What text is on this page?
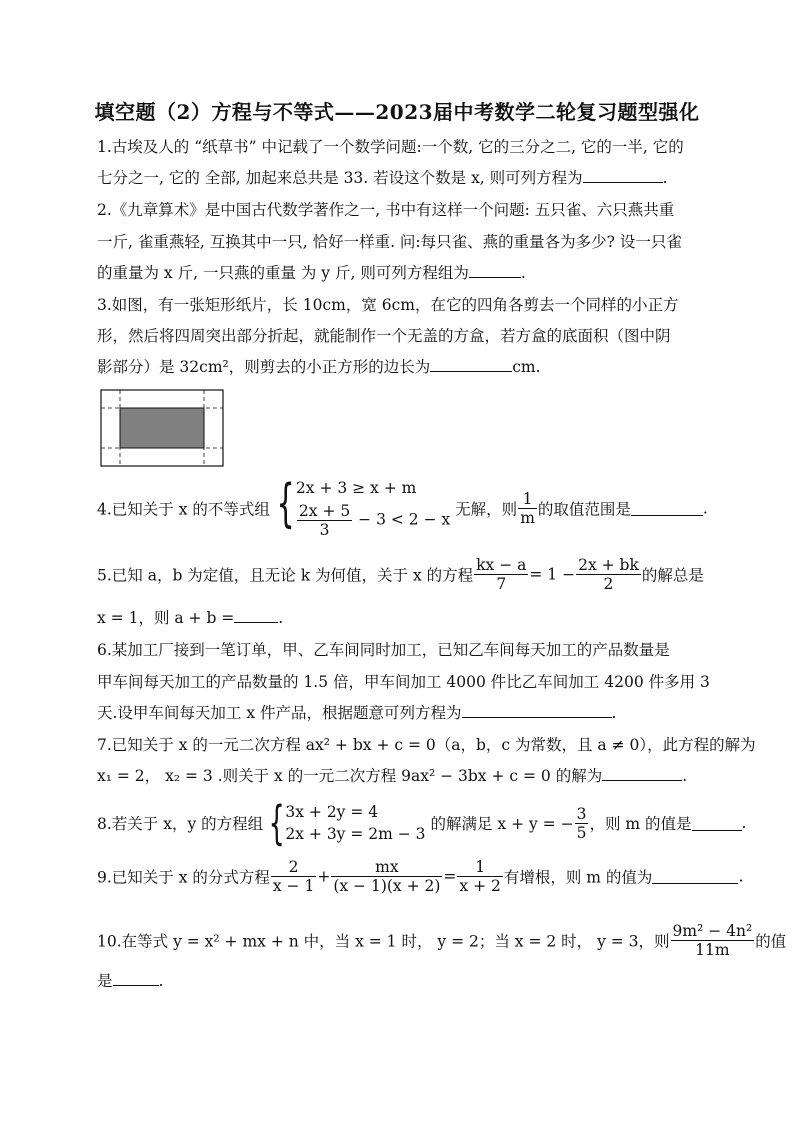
填空题（2）方程与不等式——2023届中考数学二轮复习题型强化
1.古埃及人的 “纸草书” 中记载了一个数学问题:一个数, 它的三分之二, 它的一半, 它的
七分之一, 它的 全部, 加起来总共是 33. 若设这个数是 x, 则可列方程为	.
2.《九章算术》是中国古代数学著作之一, 书中有这样一个问题: 五只雀、六只燕共重
一斤, 雀重燕轻, 互换其中一只, 恰好一样重. 问:每只雀、燕的重量各为多少? 设一只雀
的重量为 x 斤, 一只燕的重量 为 y 斤, 则可列方程组为	.
3.如图，有一张矩形纸片，长 10cm，宽 6cm，在它的四角各剪去一个同样的小正方
形，然后将四周突出部分折起，就能制作一个无盖的方盒，若方盒的底面积（图中阴
影部分）是 32cm²，则剪去的小正方形的边长为	cm.
4.已知关于 x 的不等式组 { 2x + 3 ≥ x + m
$\frac{2x + 5}{3} - 3 < 2 - x$
无解，则 $\frac{1}{m}$ 的取值范围是	.
5.已知 a，b 为定值，且无论 k 为何值，关于 x 的方程 $\frac{kx - a}{7} = 1 - \frac{2x + bk}{2}$ 的解总是
x = 1，则 a + b =	.
6.某加工厂接到一笔订单，甲、乙车间同时加工，已知乙车间每天加工的产品数量是
甲车间每天加工的产品数量的 1.5 倍，甲车间加工 4000 件比乙车间加工 4200 件多用 3
天.设甲车间每天加工 x 件产品，根据题意可列方程为	.
7.已知关于 x 的一元二次方程 ax² + bx + c = 0（a，b，c 为常数，且 a ≠ 0），此方程的解为
x₁ = 2， x₂ = 3 .则关于 x 的一元二次方程 9ax² − 3bx + c = 0 的解为	.
8.若关于 x，y 的方程组 { 3x + 2y = 4
2x + 3y = 2m − 3
的解满足 x + y = − $\frac{3}{5}$ ，则 m 的值是	.
9.已知关于 x 的分式方程 $\frac{2}{x - 1} + \frac{mx}{(x - 1)(x + 2)} = \frac{1}{x + 2}$ 有增根，则 m 的值为	.
10.在等式 y = x² + mx + n 中，当 x = 1 时， y = 2；当 x = 2 时， y = 3，则 $\frac{\text{9m² − 4n²}}{11m}$ 的值
是	.
